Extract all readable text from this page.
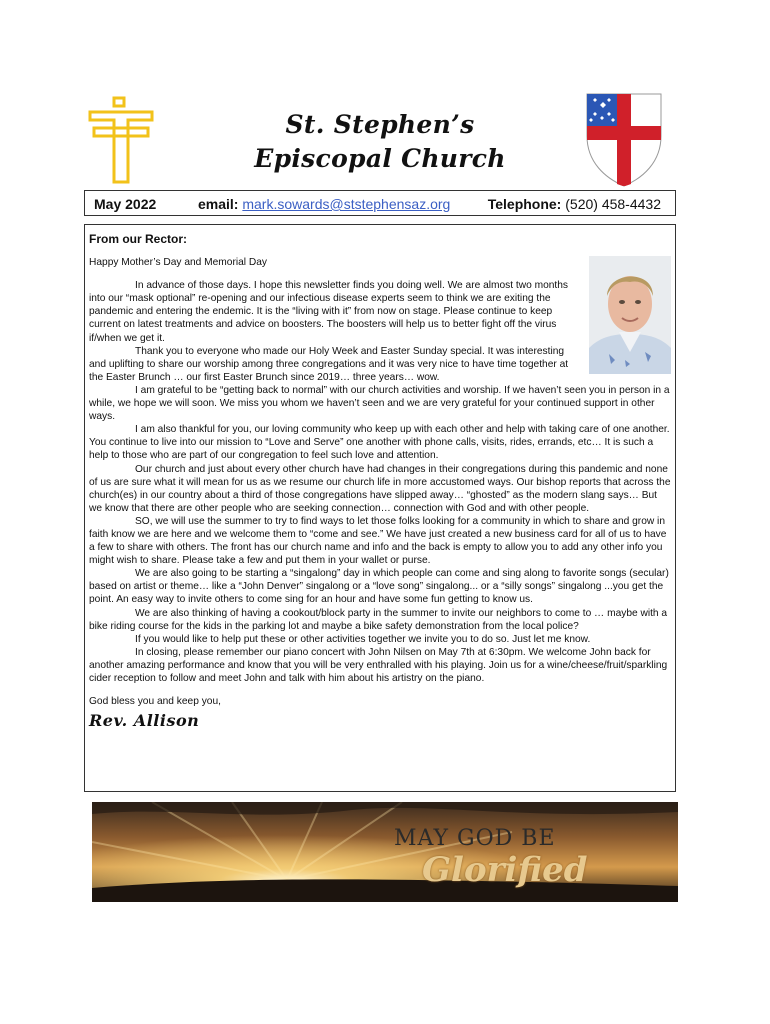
St. Stephen’s
Episcopal Church
May 2022	email: mark.sowards@ststephensaz.org	Telephone: (520) 458-4432
From our Rector:

Happy Mother’s Day and Memorial Day

In advance of those days. I hope this newsletter finds you doing well. We are almost two months into our “mask optional” re-opening and our infectious disease experts seem to think we are exiting the pandemic and entering the endemic. It is the “living with it” from now on stage. Please continue to keep current on latest treatments and advice on boosters. The boosters will help us to better fight off the virus if/when we get it.

Thank you to everyone who made our Holy Week and Easter Sunday special. It was interesting and uplifting to share our worship among three congregations and it was very nice to have time together at the Easter Brunch … our first Easter Brunch since 2019… three years… wow.

I am grateful to be “getting back to normal” with our church activities and worship. If we haven’t seen you in person in a while, we hope we will soon. We miss you whom we haven’t seen and we are very grateful for your continued support in other ways.

I am also thankful for you, our loving community who keep up with each other and help with taking care of one another. You continue to live into our mission to “Love and Serve” one another with phone calls, visits, rides, errands, etc… It is such a help to those who are part of our congregation to feel such love and attention.

Our church and just about every other church have had changes in their congregations during this pandemic and none of us are sure what it will mean for us as we resume our church life in more accustomed ways. Our bishop reports that across the church(es) in our country about a third of those congregations have slipped away… “ghosted” as the modern slang says… But we know that there are other people who are seeking connection… connection with God and with other people.

SO, we will use the summer to try to find ways to let those folks looking for a community in which to share and grow in faith know we are here and we welcome them to “come and see.” We have just created a new business card for all of us to have a few to share with others. The front has our church name and info and the back is empty to allow you to add any other info you might wish to share. Please take a few and put them in your wallet or purse.

We are also going to be starting a “singalong” day in which people can come and sing along to favorite songs (secular) based on artist or theme… like a “John Denver” singalong or a “love song” singalong... or a “silly songs” singalong ...you get the point. An easy way to invite others to come sing for an hour and have some fun getting to know us.

We are also thinking of having a cookout/block party in the summer to invite our neighbors to come to … maybe with a bike riding course for the kids in the parking lot and maybe a bike safety demonstration from the local police?

If you would like to help put these or other activities together we invite you to do so. Just let me know.

In closing, please remember our piano concert with John Nilsen on May 7th at 6:30pm. We welcome John back for another amazing performance and know that you will be very enthralled with his playing. Join us for a wine/cheese/fruit/sparkling cider reception to follow and meet John and talk with him about his artistry on the piano.

God bless you and keep you,

Rev. Allison
MAY GOD BE
Glorified
